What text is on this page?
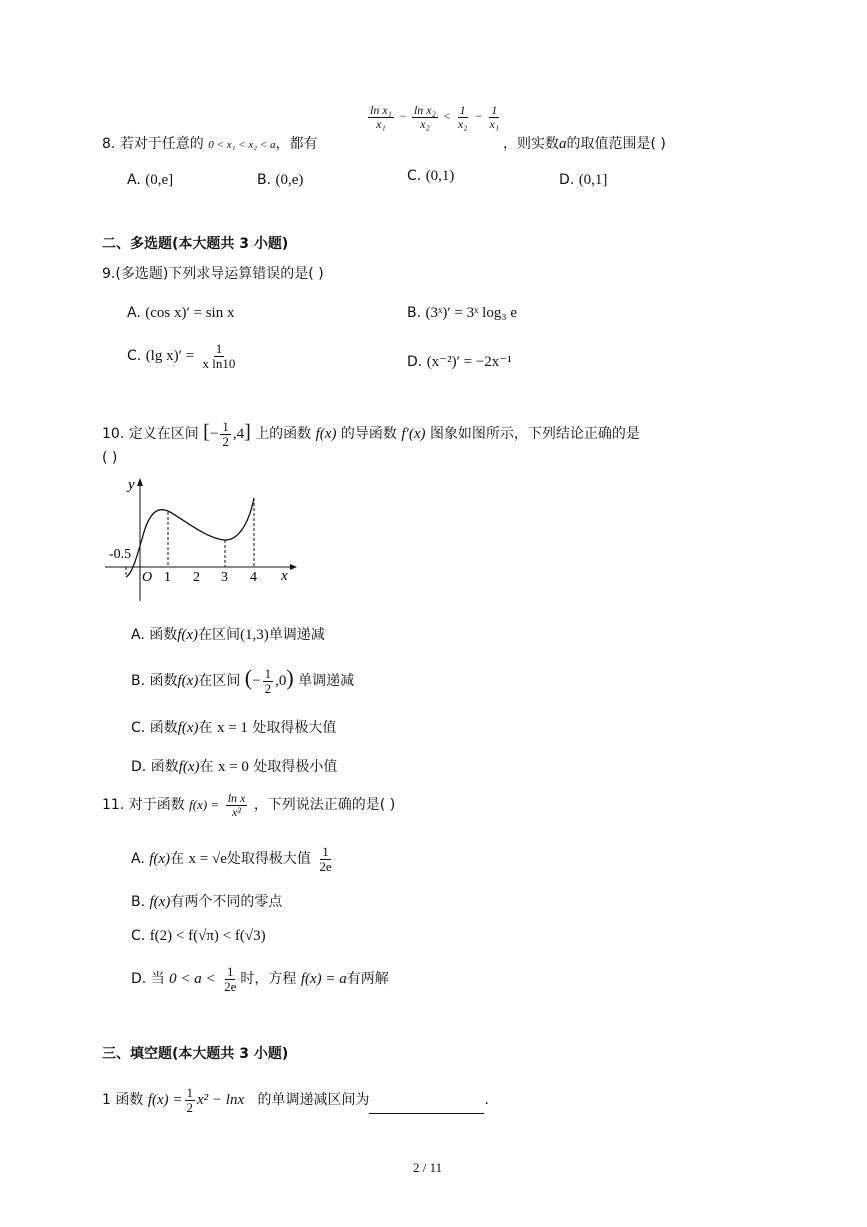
8. 若对于任意的 0 < x₁ < x₂ < a，都有
$\frac{\text{ln x₁}}{\text{x₁}} - \frac{\text{ln x₂}}{\text{x₂}} < \frac{1}{\text{x₂}} - \frac{1}{\text{x₁}}$
，则实数a的取值范围是( )
A. (0,e]	B. (0,e)	C. (0,1)	D. (0,1]
二、多选题(本大题共 3 小题)
9.(多选题)下列求导运算错误的是( )
A. (cos x)′ = sin x	B. (3ˣ)′ = 3ˣ log₃ e
C. (lg $x)' = \frac{1}{\text{x ln10}}$	D. (x⁻²)′ = −2x⁻¹
10. 定义在区间 [− $\frac{1}{2} ,4$] 上的函数 f(x) 的导函数 f′(x) 图象如图所示，下列结论正确的是
( )
y
x
O
-0.5
1 2 3 4
A. 函数f(x)在区间(1,3)单调递减
B. 函数f(x)在区间 (− $\frac{1}{2} ,0$) 单调递减
C. 函数f(x)在 x = 1 处取得极大值
D. 函数f(x)在 x = 0 处取得极小值
11. 对于函数 $f(x) = \frac{\text{ln x}}{\text{x²}}$ ，下列说法正确的是( )
A. f(x)在 x = √e处取得极大值 $\frac{1}{2e}$
B. f(x)有两个不同的零点
C. f(2) < f(√π) < f(√3)
D. 当 $0 < a < \frac{1}{2e}$ 时，方程 f(x) = a有两解
三、填空题(本大题共 3 小题)
1 函数 $f(x) = \frac{1}{2} x^2 - \ln x$ 的单调递减区间为	.
2 / 11
